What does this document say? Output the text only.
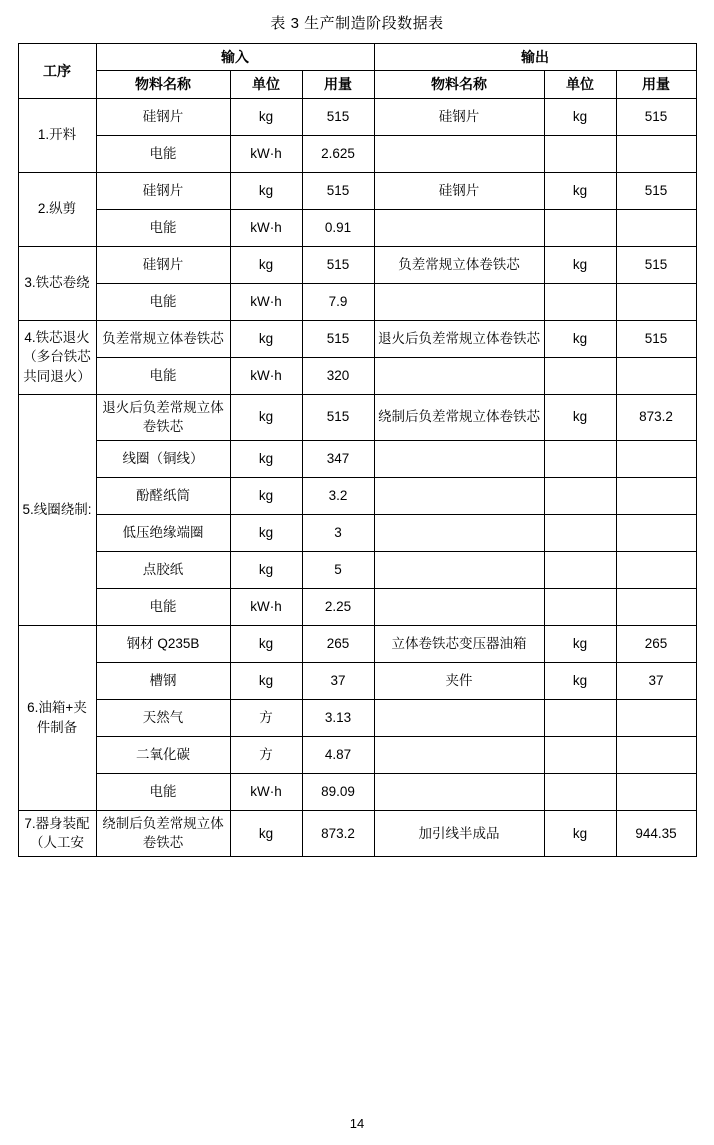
表 3 生产制造阶段数据表
工序	输入			输出		
	物料名称	单位	用量	物料名称	单位	用量
1.开料	硅钢片	kg	515	硅钢片	kg	515
	电能	kW·h	2.625			
2.纵剪	硅钢片	kg	515	硅钢片	kg	515
	电能	kW·h	0.91			
3.铁芯卷绕	硅钢片	kg	515	负差常规立体卷铁芯	kg	515
	电能	kW·h	7.9			
4.铁芯退火（多台铁芯共同退火）	负差常规立体卷铁芯	kg	515	退火后负差常规立体卷铁芯	kg	515
	电能	kW·h	320			
5.线圈绕制:	退火后负差常规立体卷铁芯	kg	515	绕制后负差常规立体卷铁芯	kg	873.2
	线圈（铜线）	kg	347			
	酚醛纸筒	kg	3.2			
	低压绝缘端圈	kg	3			
	点胶纸	kg	5			
	电能	kW·h	2.25			
6.油箱+夹件制备	钢材 Q235B	kg	265	立体卷铁芯变压器油箱	kg	265
	槽钢	kg	37	夹件	kg	37
	天然气	方	3.13			
	二氧化碳	方	4.87			
	电能	kW·h	89.09			
7.器身装配（人工安	绕制后负差常规立体卷铁芯	kg	873.2	加引线半成品	kg	944.35
14
